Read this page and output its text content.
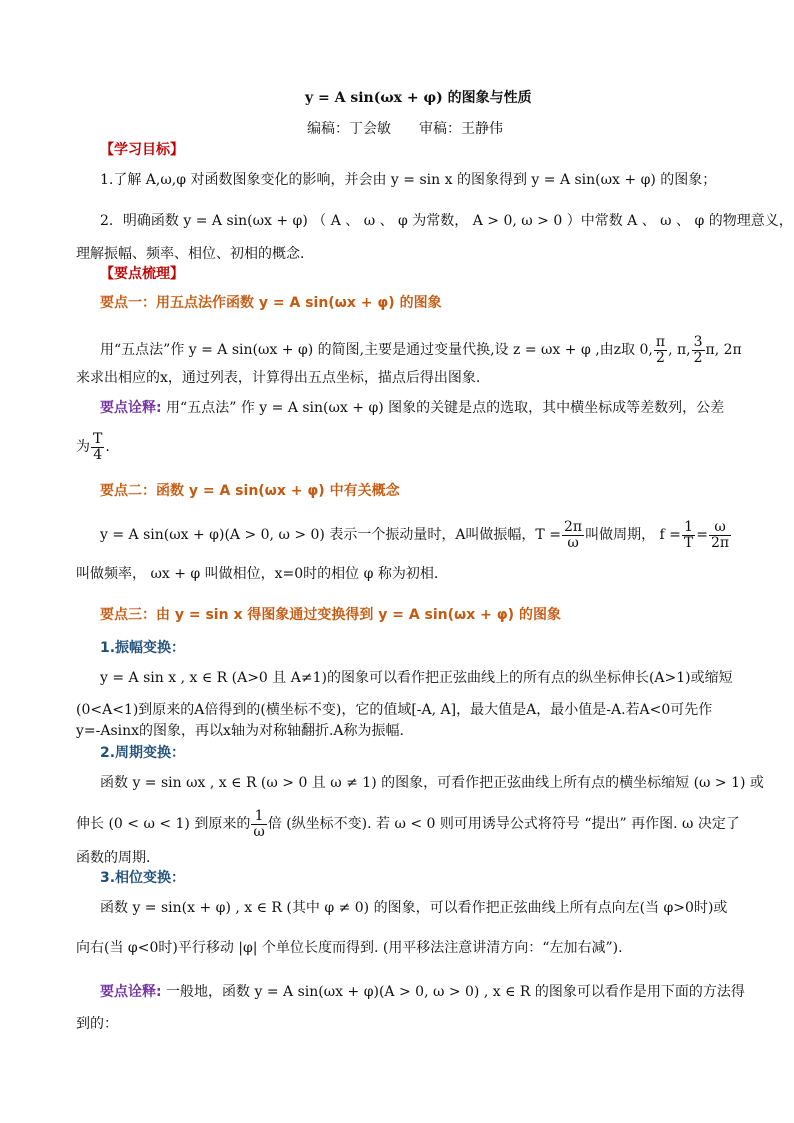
y = A sin(ωx + φ) 的图象与性质
编稿：丁会敏　　审稿：王静伟
【学习目标】
1.了解 A,ω,φ 对函数图象变化的影响，并会由 y = sin x 的图象得到 y = A sin(ωx + φ) 的图象；
2．明确函数 y = A sin(ωx + φ) （ A 、 ω 、 φ 为常数， A > 0, ω > 0 ）中常数 A 、 ω 、 φ 的物理意义，
理解振幅、频率、相位、初相的概念．
【要点梳理】
要点一：用五点法作函数 y = A sin(ωx + φ) 的图象
用“五点法”作 y = A sin(ωx + φ) 的简图,主要是通过变量代换,设 z = ωx + φ ,由z取 0, $\frac{\pi}{2}$ , π, $\frac{3}{2} \pi$, 2π
来求出相应的x，通过列表，计算得出五点坐标，描点后得出图象.
要点诠释: 用“五点法” 作 y = A sin(ωx + φ) 图象的关键是点的选取，其中横坐标成等差数列，公差
为 $\frac{T}{4}$ .
要点二：函数 y = A sin(ωx + φ) 中有关概念
y = A sin(ωx + φ)(A > 0, ω > 0) 表示一个振动量时，A叫做振幅，$T = \frac{2\pi}{\omega}$ 叫做周期， $f = \frac{1}{T} = \frac{\omega}{2\pi}$
叫做频率， ωx + φ 叫做相位，x=0时的相位 φ 称为初相.
要点三：由 y = sin x 得图象通过变换得到 y = A sin(ωx + φ) 的图象
1.振幅变换：
y = A sin x , x ∈ R (A>0 且 A≠1)的图象可以看作把正弦曲线上的所有点的纵坐标伸长(A>1)或缩短
(0<A<1)到原来的A倍得到的(横坐标不变)，它的值域[-A, A]，最大值是A，最小值是-A.若A<0可先作
y=-Asinx的图象，再以x轴为对称轴翻折.A称为振幅.
2.周期变换：
函数 y = sin ωx , x ∈ R (ω > 0 且 ω ≠ 1) 的图象，可看作把正弦曲线上所有点的横坐标缩短 (ω > 1) 或
伸长 (0 < ω < 1) 到原来的 $\frac{1}{\omega}$ 倍 (纵坐标不变). 若 ω < 0 则可用诱导公式将符号 “提出” 再作图. ω 决定了
函数的周期.
3.相位变换：
函数 y = sin(x + φ) , x ∈ R (其中 φ ≠ 0) 的图象，可以看作把正弦曲线上所有点向左(当 φ>0时)或
向右(当 φ<0时)平行移动 |φ| 个单位长度而得到. (用平移法注意讲清方向：“左加右减”).
要点诠释: 一般地，函数 y = A sin(ωx + φ)(A > 0, ω > 0) , x ∈ R 的图象可以看作是用下面的方法得
到的：
